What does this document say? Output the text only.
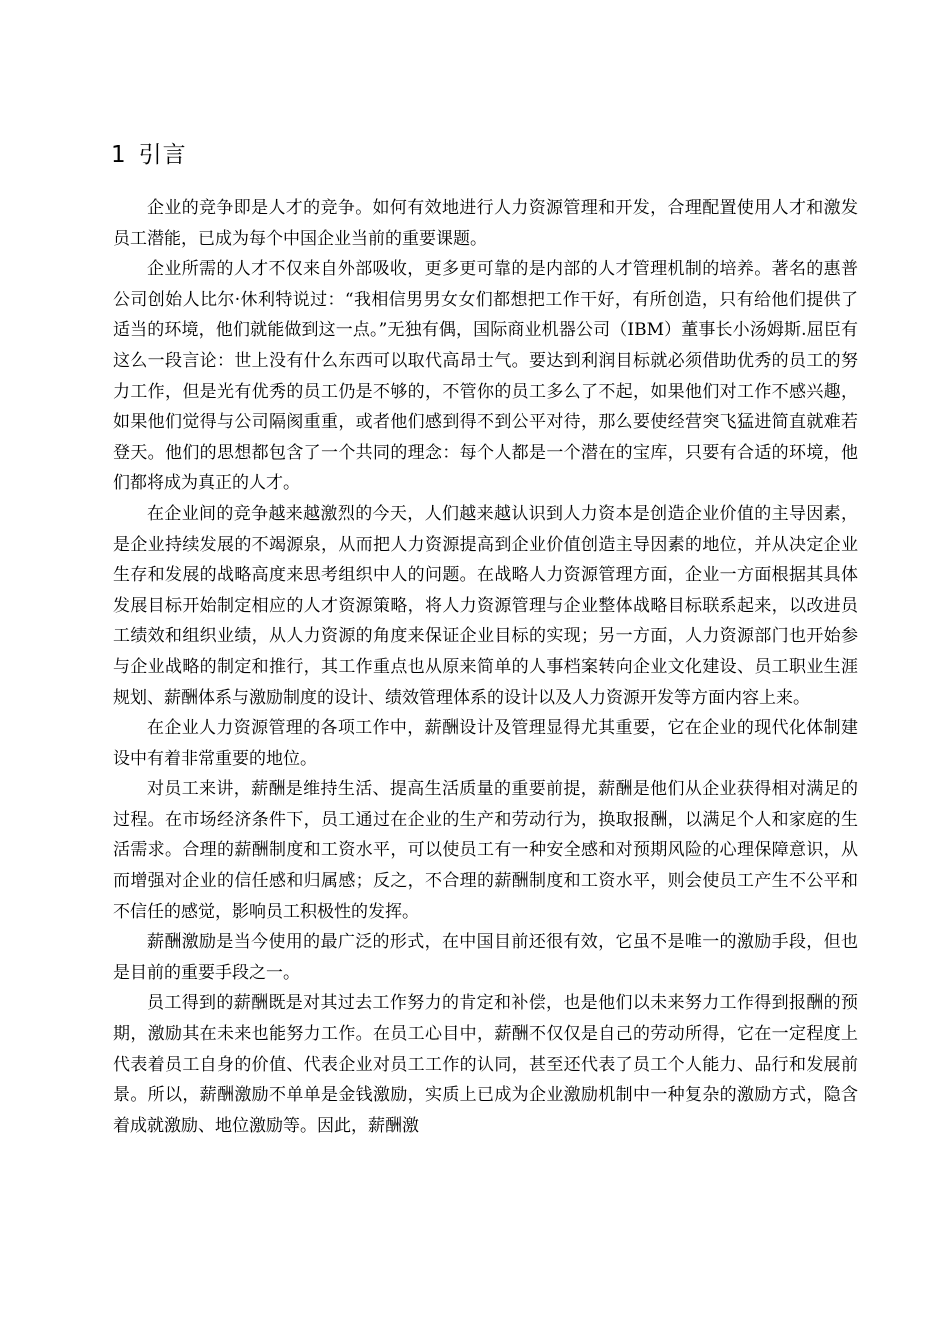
1 引言

企业的竞争即是人才的竞争。如何有效地进行人力资源管理和开发，合理配置使用人才和激发员工潜能，已成为每个中国企业当前的重要课题。

企业所需的人才不仅来自外部吸收，更多更可靠的是内部的人才管理机制的培养。著名的惠普公司创始人比尔·休利特说过：“我相信男男女女们都想把工作干好，有所创造，只有给他们提供了适当的环境，他们就能做到这一点。”无独有偶，国际商业机器公司（IBM）董事长小汤姆斯.屈臣有这么一段言论：世上没有什么东西可以取代高昂士气。要达到利润目标就必须借助优秀的员工的努力工作，但是光有优秀的员工仍是不够的，不管你的员工多么了不起，如果他们对工作不感兴趣，如果他们觉得与公司隔阂重重，或者他们感到得不到公平对待，那么要使经营突飞猛进简直就难若登天。他们的思想都包含了一个共同的理念：每个人都是一个潜在的宝库，只要有合适的环境，他们都将成为真正的人才。

在企业间的竞争越来越激烈的今天，人们越来越认识到人力资本是创造企业价值的主导因素，是企业持续发展的不竭源泉，从而把人力资源提高到企业价值创造主导因素的地位，并从决定企业生存和发展的战略高度来思考组织中人的问题。在战略人力资源管理方面，企业一方面根据其具体发展目标开始制定相应的人才资源策略，将人力资源管理与企业整体战略目标联系起来，以改进员工绩效和组织业绩，从人力资源的角度来保证企业目标的实现；另一方面，人力资源部门也开始参与企业战略的制定和推行，其工作重点也从原来简单的人事档案转向企业文化建设、员工职业生涯规划、薪酬体系与激励制度的设计、绩效管理体系的设计以及人力资源开发等方面内容上来。

在企业人力资源管理的各项工作中，薪酬设计及管理显得尤其重要，它在企业的现代化体制建设中有着非常重要的地位。

对员工来讲，薪酬是维持生活、提高生活质量的重要前提，薪酬是他们从企业获得相对满足的过程。在市场经济条件下，员工通过在企业的生产和劳动行为，换取报酬，以满足个人和家庭的生活需求。合理的薪酬制度和工资水平，可以使员工有一种安全感和对预期风险的心理保障意识，从而增强对企业的信任感和归属感；反之，不合理的薪酬制度和工资水平，则会使员工产生不公平和不信任的感觉，影响员工积极性的发挥。

薪酬激励是当今使用的最广泛的形式，在中国目前还很有效，它虽不是唯一的激励手段，但也是目前的重要手段之一。

员工得到的薪酬既是对其过去工作努力的肯定和补偿，也是他们以未来努力工作得到报酬的预期，激励其在未来也能努力工作。在员工心目中，薪酬不仅仅是自己的劳动所得，它在一定程度上代表着员工自身的价值、代表企业对员工工作的认同，甚至还代表了员工个人能力、品行和发展前景。所以，薪酬激励不单单是金钱激励，实质上已成为企业激励机制中一种复杂的激励方式，隐含着成就激励、地位激励等。因此，薪酬激
